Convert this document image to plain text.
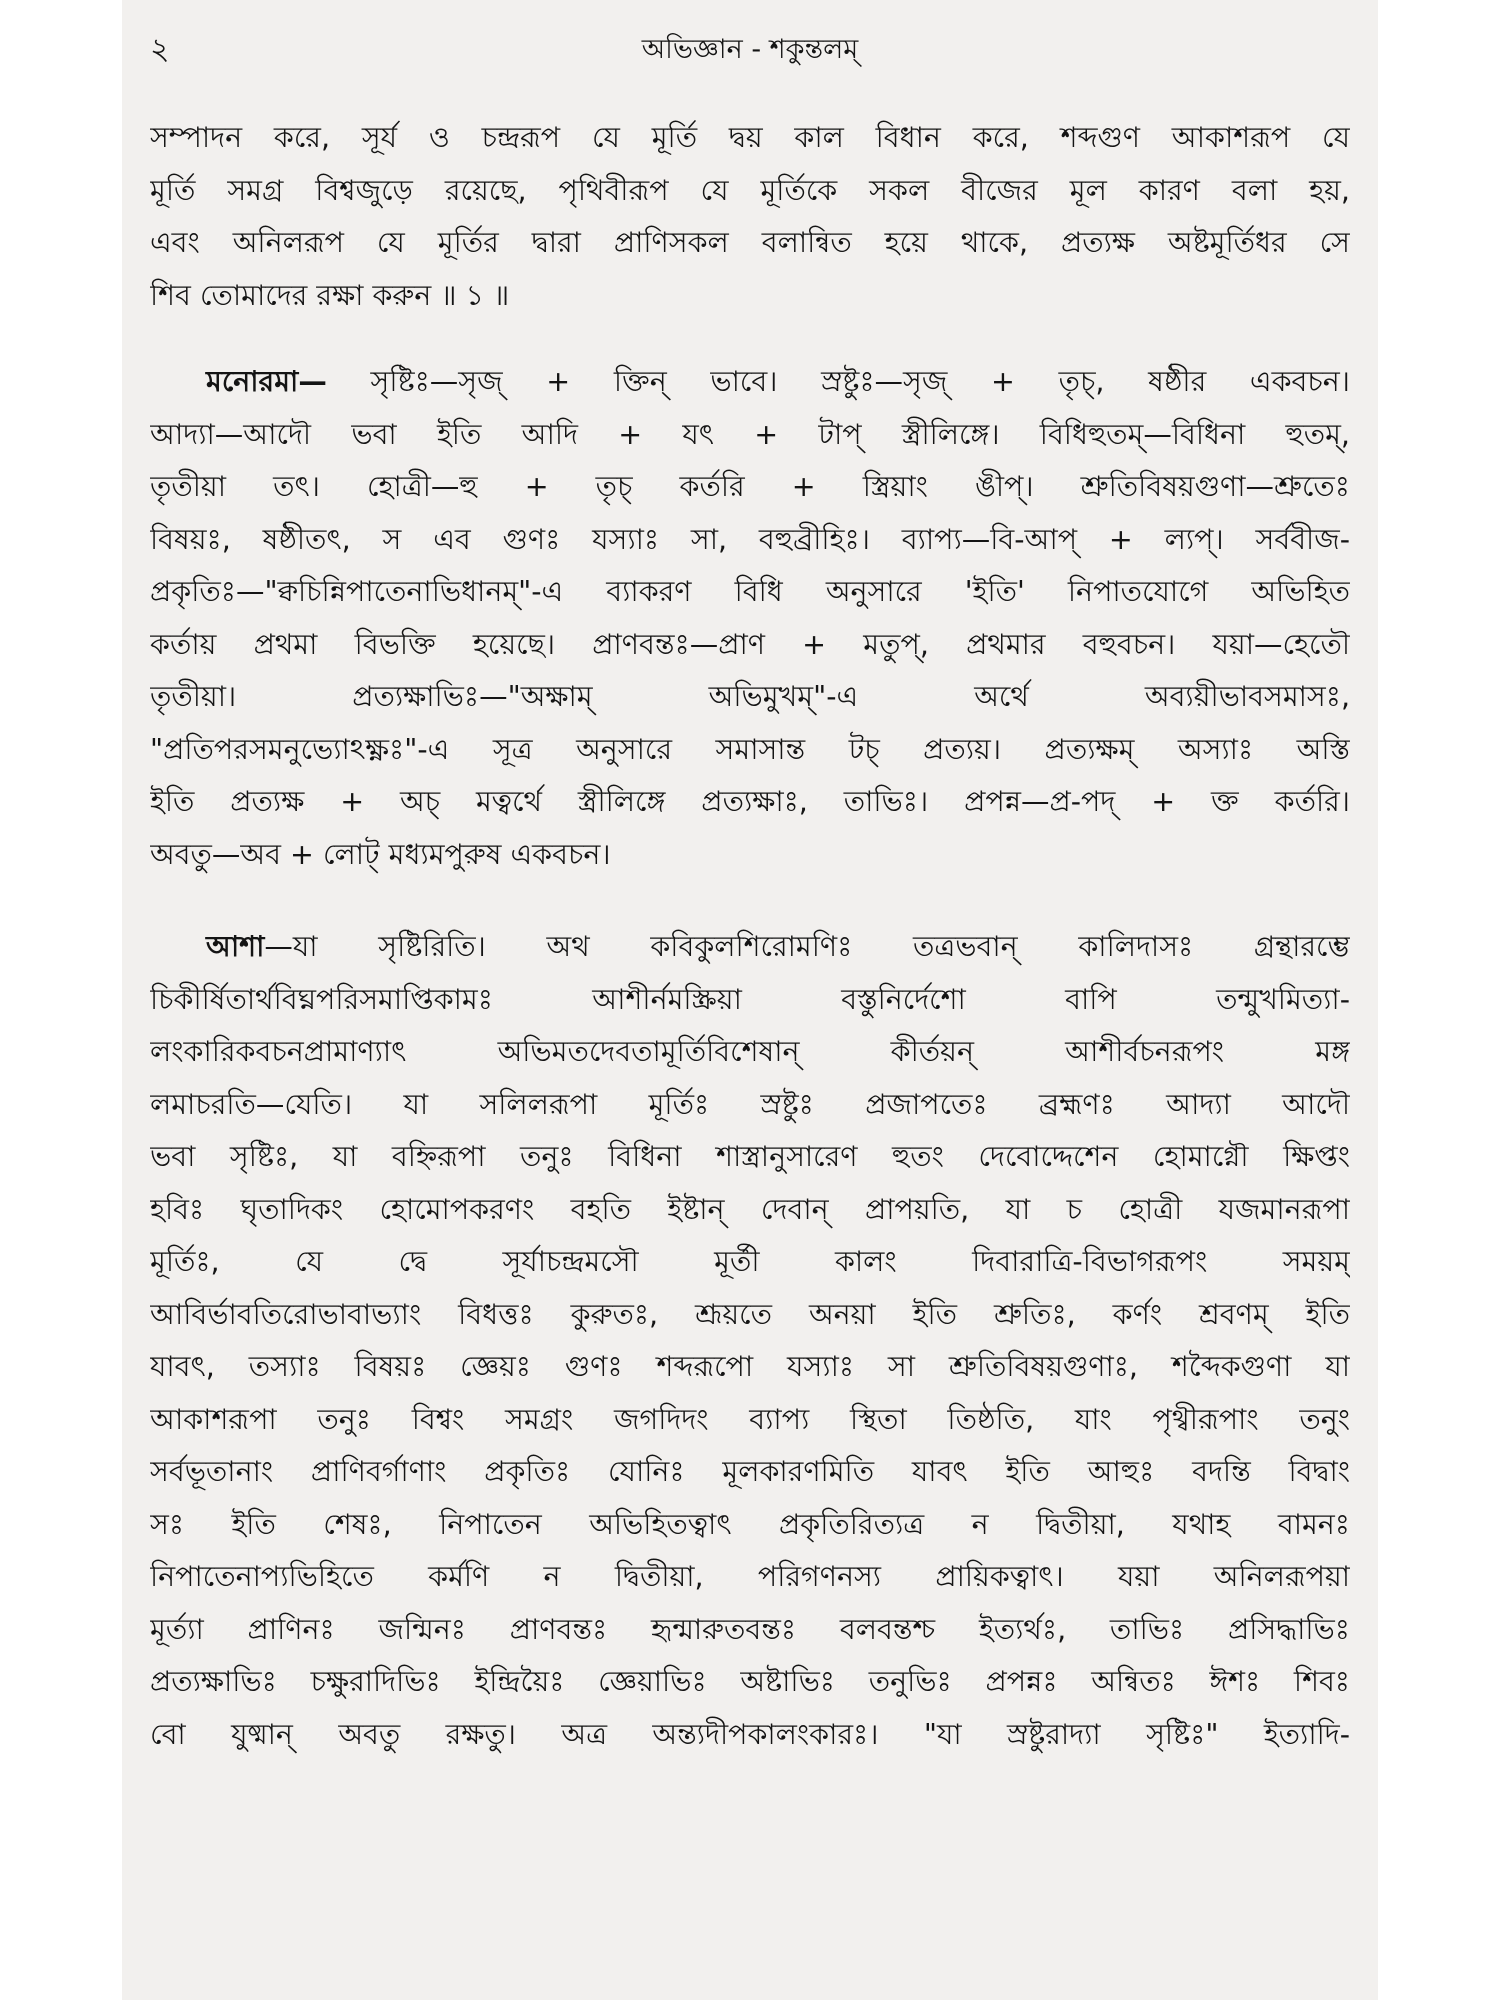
২	অভিজ্ঞান - শকুন্তলম্
সম্পাদন করে, সূর্য ও চন্দ্ররূপ যে মূর্তি দ্বয় কাল বিধান করে, শব্দগুণ আকাশরূপ যে
মূর্তি সমগ্র বিশ্বজুড়ে রয়েছে, পৃথিবীরূপ যে মূর্তিকে সকল বীজের মূল কারণ বলা হয়,
এবং অনিলরূপ যে মূর্তির দ্বারা প্রাণিসকল বলান্বিত হয়ে থাকে, প্রত্যক্ষ অষ্টমূর্তিধর সে
শিব তোমাদের রক্ষা করুন ॥ ১ ॥
মনোরমা— সৃষ্টিঃ—সৃজ্ + ক্তিন্ ভাবে। স্রষ্টুঃ—সৃজ্ + তৃচ্, ষষ্ঠীর একবচন।
আদ্যা—আদৌ ভবা ইতি আদি + যৎ + টাপ্ স্ত্রীলিঙ্গে। বিধিহুতম্—বিধিনা হুতম্,
তৃতীয়া তৎ। হোত্রী—হু + তৃচ্ কর্তরি + স্ত্রিয়াং ঙীপ্। শ্রুতিবিষয়গুণা—শ্রুতেঃ
বিষয়ঃ, ষষ্ঠীতৎ, স এব গুণঃ যস্যাঃ সা, বহুব্রীহিঃ। ব্যাপ্য—বি-আপ্ + ল্যপ্। সর্ববীজ-
প্রকৃতিঃ—"ক্বচিন্নিপাতেনাভিধানম্"-এ ব্যাকরণ বিধি অনুসারে 'ইতি' নিপাতযোগে অভিহিত
কর্তায় প্রথমা বিভক্তি হয়েছে। প্রাণবন্তঃ—প্রাণ + মতুপ্, প্রথমার বহুবচন। যয়া—হেতৌ
তৃতীয়া। প্রত্যক্ষাভিঃ—"অক্ষাম্ অভিমুখম্"-এ অর্থে অব্যয়ীভাবসমাসঃ,
"প্রতিপরসমনুভ্যোঽক্ষ্ণঃ"-এ সূত্র অনুসারে সমাসান্ত টচ্ প্রত্যয়। প্রত্যক্ষম্ অস্যাঃ অস্তি
ইতি প্রত্যক্ষ + অচ্ মত্বর্থে স্ত্রীলিঙ্গে প্রত্যক্ষাঃ, তাভিঃ। প্রপন্ন—প্র-পদ্ + ক্ত কর্তরি।
অবতু—অব + লোট্ মধ্যমপুরুষ একবচন।
আশা—যা সৃষ্টিরিতি। অথ কবিকুলশিরোমণিঃ তত্রভবান্ কালিদাসঃ গ্রন্থারম্ভে
চিকীর্ষিতার্থবিঘ্নপরিসমাপ্তিকামঃ আশীর্নমস্ক্রিয়া বস্তুনির্দেশো বাপি তন্মুখমিত্যা-
লংকারিকবচনপ্রামাণ্যাৎ অভিমতদেবতামূর্তিবিশেষান্ কীর্তয়ন্ আশীর্বচনরূপং মঙ্গ
লমাচরতি—যেতি। যা সলিলরূপা মূর্তিঃ স্রষ্টুঃ প্রজাপতেঃ ব্রহ্মণঃ আদ্যা আদৌ
ভবা সৃষ্টিঃ, যা বহ্নিরূপা তনুঃ বিধিনা শাস্ত্রানুসারেণ হুতং দেবোদ্দেশেন হোমাগ্নৌ ক্ষিপ্তং
হবিঃ ঘৃতাদিকং হোমোপকরণং বহতি ইষ্টান্ দেবান্ প্রাপয়তি, যা চ হোত্রী যজমানরূপা
মূর্তিঃ, যে দ্বে সূর্যাচন্দ্রমসৌ মূর্তী কালং দিবারাত্রি-বিভাগরূপং সময়ম্
আবির্ভাবতিরোভাবাভ্যাং বিধত্তঃ কুরুতঃ, শ্রূয়তে অনয়া ইতি শ্রুতিঃ, কর্ণং শ্রবণম্ ইতি
যাবৎ, তস্যাঃ বিষয়ঃ জ্ঞেয়ঃ গুণঃ শব্দরূপো যস্যাঃ সা শ্রুতিবিষয়গুণাঃ, শব্দৈকগুণা যা
আকাশরূপা তনুঃ বিশ্বং সমগ্রং জগদিদং ব্যাপ্য স্থিতা তিষ্ঠতি, যাং পৃথ্বীরূপাং তনুং
সর্বভূতানাং প্রাণিবর্গাণাং প্রকৃতিঃ যোনিঃ মূলকারণমিতি যাবৎ ইতি আহুঃ বদন্তি বিদ্বাং
সঃ ইতি শেষঃ, নিপাতেন অভিহিতত্বাৎ প্রকৃতিরিত্যত্র ন দ্বিতীয়া, যথাহ বামনঃ
নিপাতেনাপ্যভিহিতে কর্মণি ন দ্বিতীয়া, পরিগণনস্য প্রায়িকত্বাৎ। যয়া অনিলরূপয়া
মূর্ত্যা প্রাণিনঃ জন্মিনঃ প্রাণবন্তঃ হৃন্মারুতবন্তঃ বলবন্তশ্চ ইত্যর্থঃ, তাভিঃ প্রসিদ্ধাভিঃ
প্রত্যক্ষাভিঃ চক্ষুরাদিভিঃ ইন্দ্রিয়ৈঃ জ্ঞেয়াভিঃ অষ্টাভিঃ তনুভিঃ প্রপন্নঃ অন্বিতঃ ঈশঃ শিবঃ
বো যুষ্মান্ অবতু রক্ষতু। অত্র অন্ত্যদীপকালংকারঃ। "যা স্রষ্টুরাদ্যা সৃষ্টিঃ" ইত্যাদি-
